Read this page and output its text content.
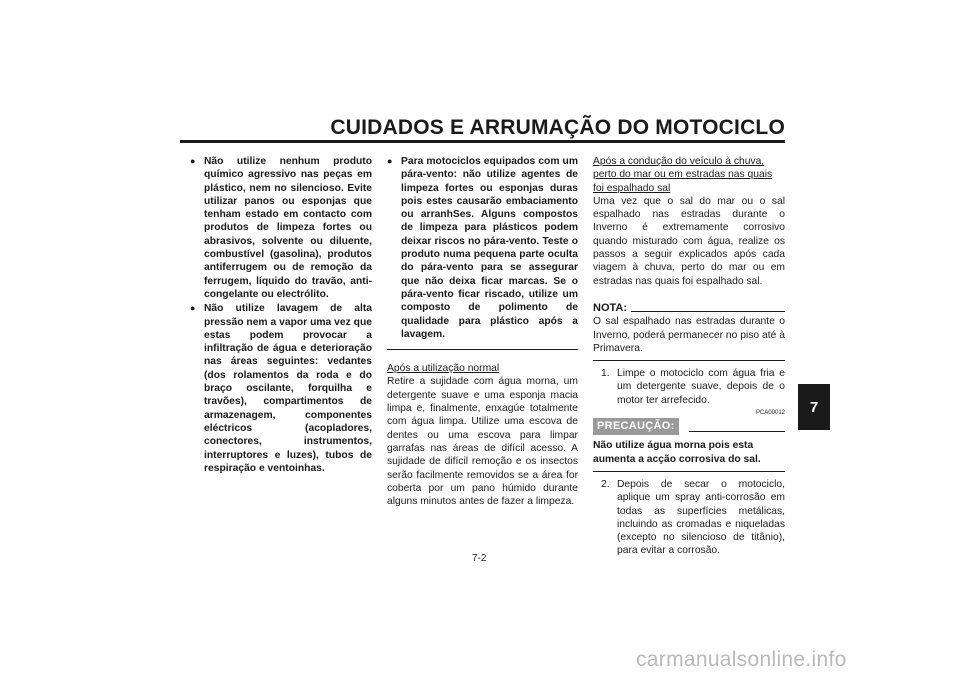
CUIDADOS E ARRUMAÇÃO DO MOTOCICLO
7
● Não utilize nenhum produto químico agressivo nas peças em plástico, nem no silencioso. Evite utilizar panos ou esponjas que tenham estado em contacto com produtos de limpeza fortes ou abrasivos, solvente ou diluente, combustível (gasolina), produtos antiferrugem ou de remoção da ferrugem, líquido do travão, anti-congelante ou electrólito.
● Não utilize lavagem de alta pressão nem a vapor uma vez que estas podem provocar a infiltração de água e deterioração nas áreas seguintes: vedantes (dos rolamentos da roda e do braço oscilante, forquilha e travões), compartimentos de armazenagem, componentes eléctricos (acopladores, conectores, instrumentos, interruptores e luzes), tubos de respiração e ventoinhas.
● Para motociclos equipados com um pára-vento: não utilize agentes de limpeza fortes ou esponjas duras pois estes causarão embaciamento ou arranhSes. Alguns compostos de limpeza para plásticos podem deixar riscos no pára-vento. Teste o produto numa pequena parte oculta do pára-vento para se assegurar que não deixa ficar marcas. Se o pára-vento ficar riscado, utilize um composto de polimento de qualidade para plástico após a lavagem.
Após a utilização normal
Retire a sujidade com água morna, um detergente suave e uma esponja macia limpa e, finalmente, enxagúe totalmente com água limpa. Utilize uma escova de dentes ou uma escova para limpar garrafas nas áreas de difícil acesso. A sujidade de difícil remoção e os insectos serão facilmente removidos se a área for coberta por um pano húmido durante alguns minutos antes de fazer a limpeza.
Após a condução do veículo à chuva, perto do mar ou em estradas nas quais foi espalhado sal
Uma vez que o sal do mar ou o sal espalhado nas estradas durante o Inverno é extremamente corrosivo quando misturado com água, realize os passos a seguir explicados após cada viagem à chuva, perto do mar ou em estradas nas quais foi espalhado sal.
NOTA:
O sal espalhado nas estradas durante o Inverno, poderá permanecer no piso até à Primavera.
1. Limpe o motociclo com água fria e um detergente suave, depois de o motor ter arrefecido.
PCA00012
PRECAUÇÃO:
Não utilize água morna pois esta aumenta a acção corrosiva do sal.
2. Depois de secar o motociclo, aplique um spray anti-corrosão em todas as superfícies metálicas, incluindo as cromadas e niqueladas (excepto no silencioso de titânio), para evitar a corrosão.
7-2
carmanualsonline.info
